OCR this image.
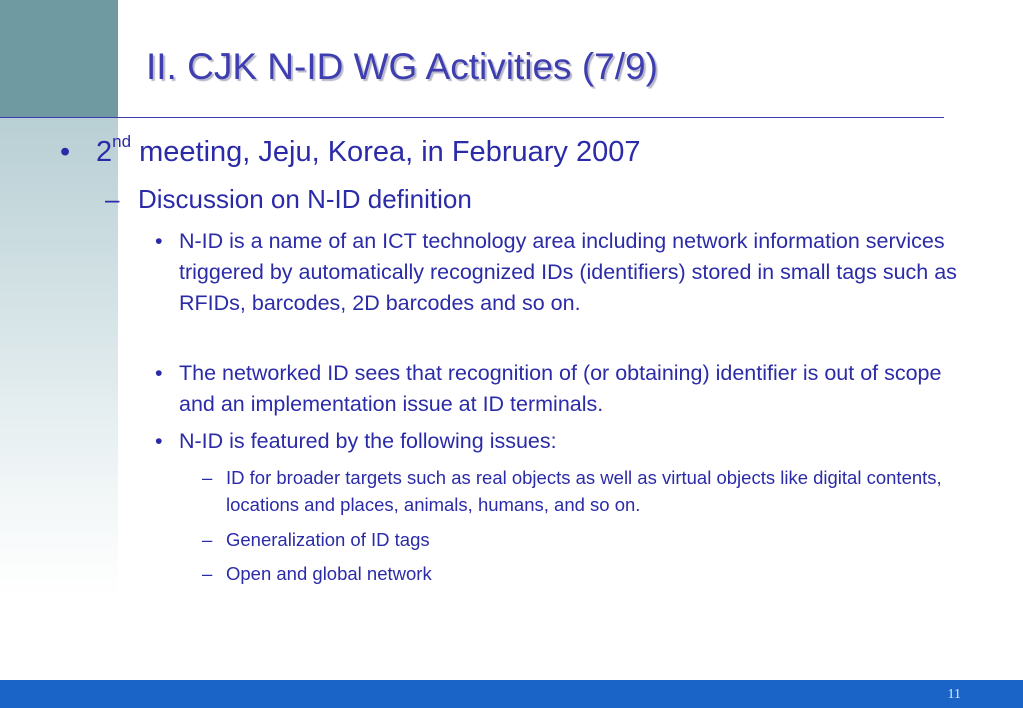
II. CJK N-ID WG Activities (7/9)
• 2nd meeting, Jeju, Korea, in February 2007
– Discussion on N-ID definition
• N-ID is a name of an ICT technology area including network information services triggered by automatically recognized IDs (identifiers) stored in small tags such as RFIDs, barcodes, 2D barcodes and so on.
• The networked ID sees that recognition of (or obtaining) identifier is out of scope and an implementation issue at ID terminals.
• N-ID is featured by the following issues:
– ID for broader targets such as real objects as well as virtual objects like digital contents, locations and places, animals, humans, and so on.
– Generalization of ID tags
– Open and global network
11
